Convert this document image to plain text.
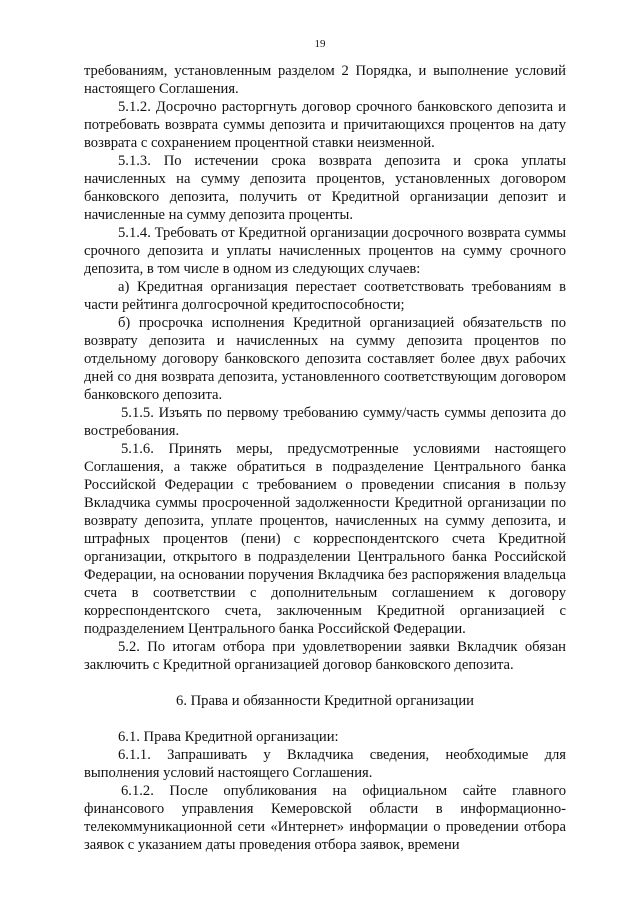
19

требованиям, установленным разделом 2 Порядка, и выполнение условий настоящего Соглашения.

5.1.2. Досрочно расторгнуть договор срочного банковского депозита и потребовать возврата суммы депозита и причитающихся процентов на дату возврата с сохранением процентной ставки неизменной.

5.1.3. По истечении срока возврата депозита и срока уплаты начисленных на сумму депозита процентов, установленных договором банковского депозита, получить от Кредитной организации депозит и начисленные на сумму депозита проценты.

5.1.4. Требовать от Кредитной организации досрочного возврата суммы срочного депозита и уплаты начисленных процентов на сумму срочного депозита, в том числе в одном из следующих случаев:

а) Кредитная организация перестает соответствовать требованиям в части рейтинга долгосрочной кредитоспособности;

б) просрочка исполнения Кредитной организацией обязательств по возврату депозита и начисленных на сумму депозита процентов по отдельному договору банковского депозита составляет более двух рабочих дней со дня возврата депозита, установленного соответствующим договором банковского депозита.

5.1.5. Изъять по первому требованию сумму/часть суммы депозита до востребования.

5.1.6. Принять меры, предусмотренные условиями настоящего Соглашения, а также обратиться в подразделение Центрального банка Российской Федерации с требованием о проведении списания в пользу Вкладчика суммы просроченной задолженности Кредитной организации по возврату депозита, уплате процентов, начисленных на сумму депозита, и штрафных процентов (пени) с корреспондентского счета Кредитной организации, открытого в подразделении Центрального банка Российской Федерации, на основании поручения Вкладчика без распоряжения владельца счета в соответствии с дополнительным соглашением к договору корреспондентского счета, заключенным Кредитной организацией с подразделением Центрального банка Российской Федерации.

5.2. По итогам отбора при удовлетворении заявки Вкладчик обязан заключить с Кредитной организацией договор банковского депозита.

6. Права и обязанности Кредитной организации

6.1. Права Кредитной организации:

6.1.1. Запрашивать у Вкладчика сведения, необходимые для выполнения условий настоящего Соглашения.

6.1.2. После опубликования на официальном сайте главного финансового управления Кемеровской области в информационно-телекоммуникационной сети «Интернет» информации о проведении отбора заявок с указанием даты проведения отбора заявок, времени
